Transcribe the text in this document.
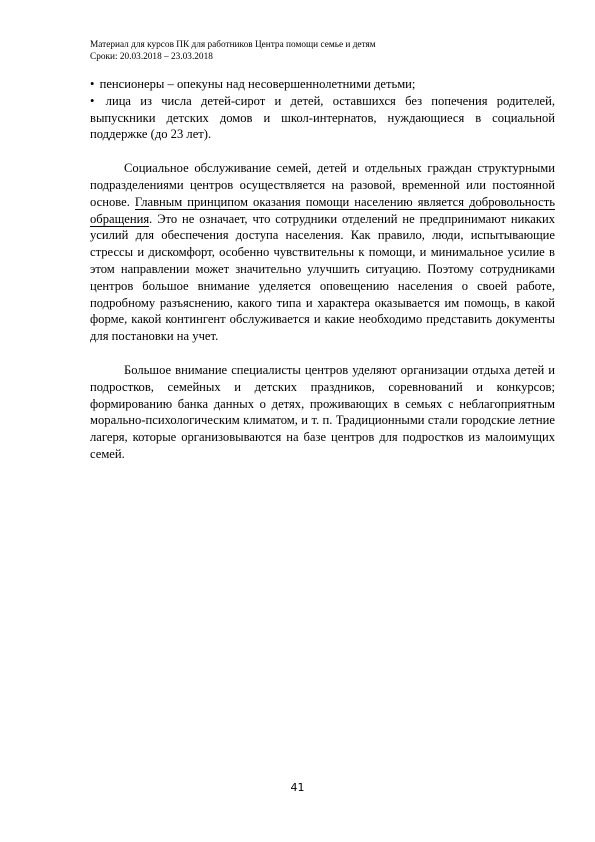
Материал для курсов ПК для работников Центра помощи семье и детям
Сроки: 20.03.2018 – 23.03.2018
• пенсионеры – опекуны над несовершеннолетними детьми;
• лица из числа детей-сирот и детей, оставшихся без попечения родителей, выпускники детских домов и школ-интернатов, нуждающиеся в социальной поддержке (до 23 лет).

Социальное обслуживание семей, детей и отдельных граждан структурными подразделениями центров осуществляется на разовой, временной или постоянной основе. Главным принципом оказания помощи населению является добровольность обращения. Это не означает, что сотрудники отделений не предпринимают никаких усилий для обеспечения доступа населения. Как правило, люди, испытывающие стрессы и дискомфорт, особенно чувствительны к помощи, и минимальное усилие в этом направлении может значительно улучшить ситуацию. Поэтому сотрудниками центров большое внимание уделяется оповещению населения о своей работе, подробному разъяснению, какого типа и характера оказывается им помощь, в какой форме, какой контингент обслуживается и какие необходимо представить документы для постановки на учет.

Большое внимание специалисты центров уделяют организации отдыха детей и подростков, семейных и детских праздников, соревнований и конкурсов; формированию банка данных о детях, проживающих в семьях с неблагоприятным морально-психологическим климатом, и т. п. Традиционными стали городские летние лагеря, которые организовываются на базе центров для подростков из малоимущих семей.

41
